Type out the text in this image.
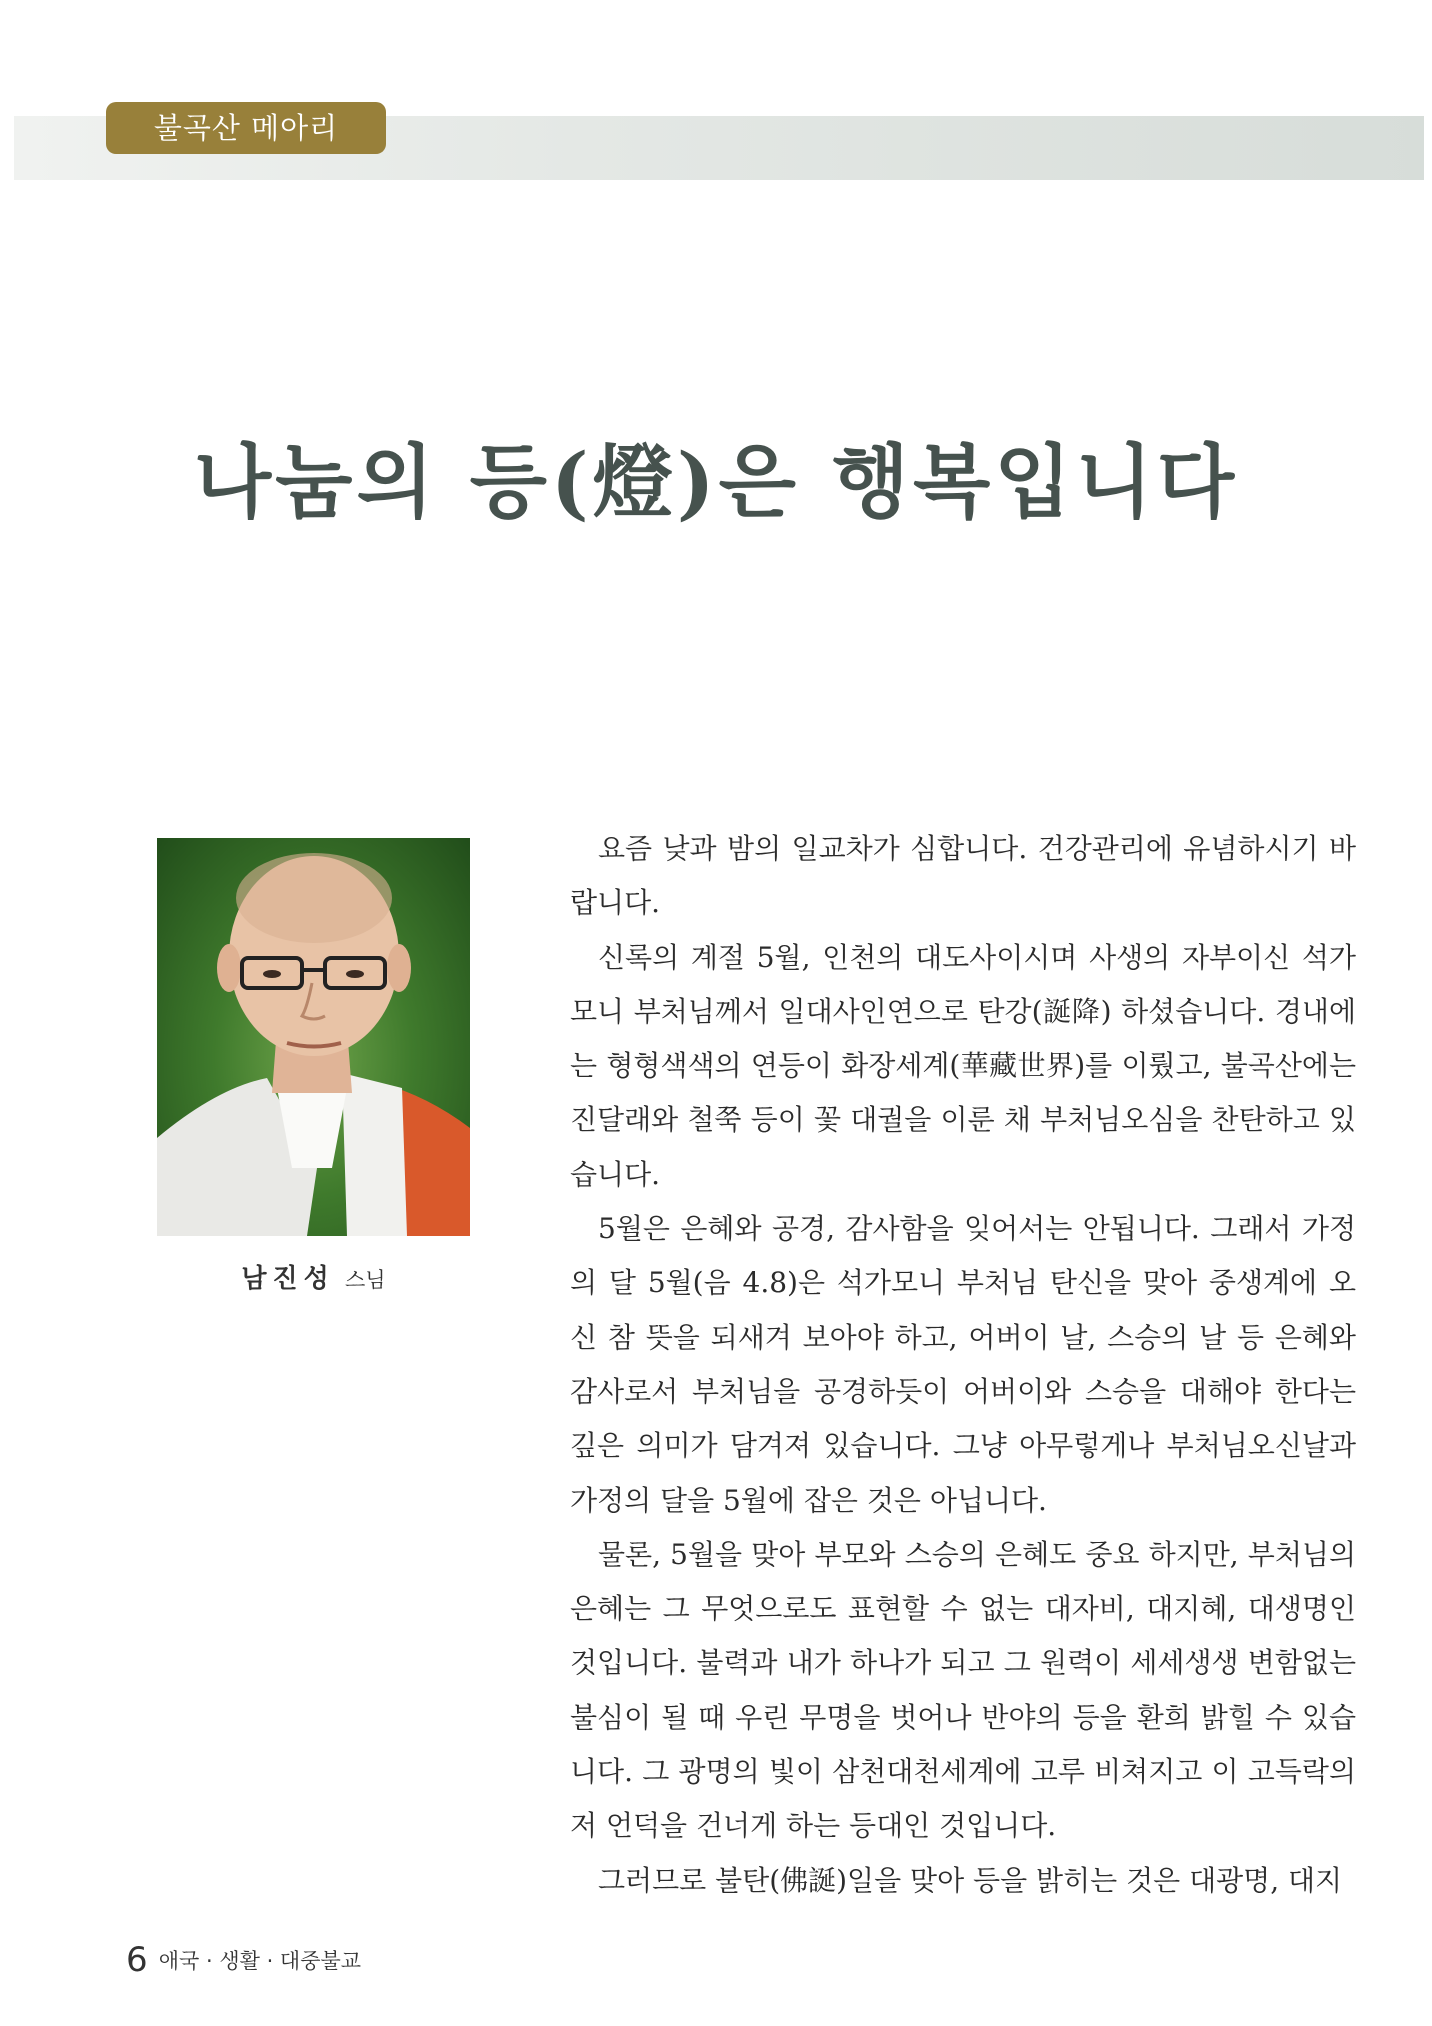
불곡산 메아리
나눔의 등(燈)은 행복입니다
남진성 스님

요즘 낮과 밤의 일교차가 심합니다. 건강관리에 유념하시기 바랍니다.

신록의 계절 5월, 인천의 대도사이시며 사생의 자부이신 석가모니 부처님께서 일대사인연으로 탄강(誕降) 하셨습니다. 경내에는 형형색색의 연등이 화장세계(華藏世界)를 이뤘고, 불곡산에는 진달래와 철쭉 등이 꽃 대궐을 이룬 채 부처님오심을 찬탄하고 있습니다.

5월은 은혜와 공경, 감사함을 잊어서는 안됩니다. 그래서 가정의 달 5월(음 4.8)은 석가모니 부처님 탄신을 맞아 중생계에 오신 참 뜻을 되새겨 보아야 하고, 어버이 날, 스승의 날 등 은혜와 감사로서 부처님을 공경하듯이 어버이와 스승을 대해야 한다는 깊은 의미가 담겨져 있습니다. 그냥 아무렇게나 부처님오신날과 가정의 달을 5월에 잡은 것은 아닙니다.

물론, 5월을 맞아 부모와 스승의 은혜도 중요 하지만, 부처님의 은혜는 그 무엇으로도 표현할 수 없는 대자비, 대지혜, 대생명인 것입니다. 불력과 내가 하나가 되고 그 원력이 세세생생 변함없는 불심이 될 때 우린 무명을 벗어나 반야의 등을 환희 밝힐 수 있습니다. 그 광명의 빛이 삼천대천세계에 고루 비쳐지고 이 고득락의 저 언덕을 건너게 하는 등대인 것입니다.

그러므로 불탄(佛誕)일을 맞아 등을 밝히는 것은 대광명, 대지

6 애국 · 생활 · 대중불교
